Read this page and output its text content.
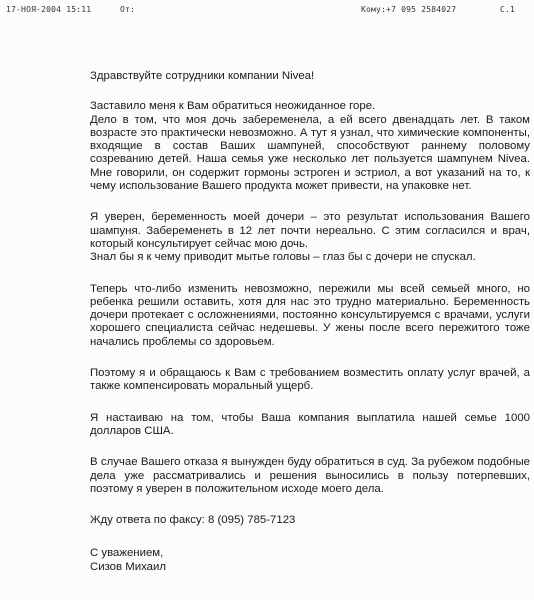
17-НОЯ-2004 15:11	От:	Кому:+7 095 2584027	С.1

Здравствуйте сотрудники компании Nivea!

Заставило меня к Вам обратиться неожиданное горе.

Дело в том, что моя дочь забеременела, а ей всего двенадцать лет. В таком возрасте это практически невозможно. А тут я узнал, что химические компоненты, входящие в состав Ваших шампуней, способствуют раннему половому созреванию детей. Наша семья уже несколько лет пользуется шампунем Nivea. Мне говорили, он содержит гормоны эстроген и эстриол, а вот указаний на то, к чему использование Вашего продукта может привести, на упаковке нет.

Я уверен, беременность моей дочери – это результат использования Вашего шампуня. Забеременеть в 12 лет почти нереально. С этим согласился и врач, который консультирует сейчас мою дочь.

Знал бы я к чему приводит мытье головы – глаз бы с дочери не спускал.

Теперь что-либо изменить невозможно, пережили мы всей семьей много, но ребенка решили оставить, хотя для нас это трудно материально. Беременность дочери протекает с осложнениями, постоянно консультируемся с врачами, услуги хорошего специалиста сейчас недешевы. У жены после всего пережитого тоже начались проблемы со здоровьем.

Поэтому я и обращаюсь к Вам с требованием возместить оплату услуг врачей, а также компенсировать моральный ущерб.

Я настаиваю на том, чтобы Ваша компания выплатила нашей семье 1000 долларов США.

В случае Вашего отказа я вынужден буду обратиться в суд. За рубежом подобные дела уже рассматривались и решения выносились в пользу потерпевших, поэтому я уверен в положительном исходе моего дела.

Жду ответа по факсу: 8 (095) 785-7123

С уважением,

Сизов Михаил
